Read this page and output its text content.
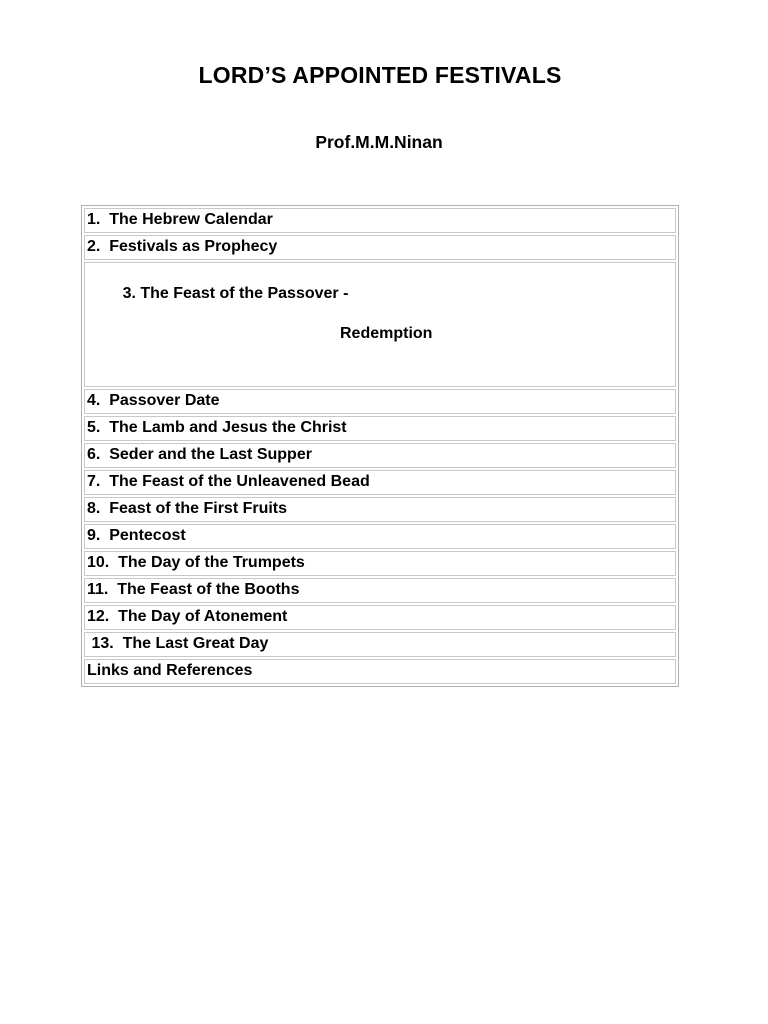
LORD’S APPOINTED FESTIVALS
Prof.M.M.Ninan
1.  The Hebrew Calendar
2.  Festivals as Prophecy

3. The Feast of the Passover -

Redemption

4.  Passover Date
5.  The Lamb and Jesus the Christ
6.  Seder and the Last Supper
7.  The Feast of the Unleavened Bead
8.  Feast of the First Fruits
9.  Pentecost
10.  The Day of the Trumpets
11.  The Feast of the Booths
12.  The Day of Atonement
13.  The Last Great Day
Links and References
